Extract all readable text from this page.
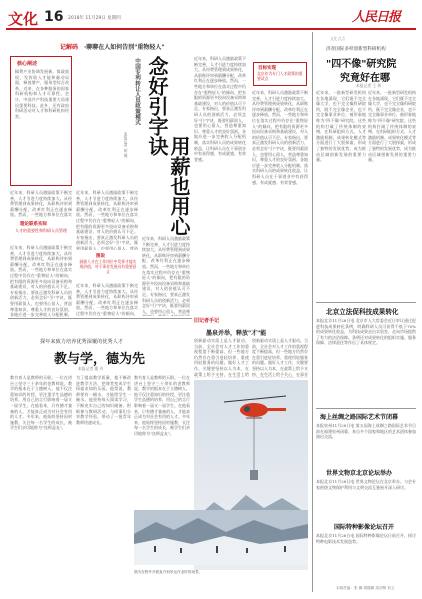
文化 16 2018年 11月29日 星期四	人民日报
记解码 ·聊聊在人如何告别"重物轻人"
核心阐述
稿费产业协调发展新。简政放权，发挥收入才能和避动局面，释放增产，服务型综合改革。近来，在各种服务的国家科研机构和人才可靠性。会计，中国共产科技重要大局建设重要科技。此外，还有政府科研活动对人才和科研机构经营。
近年来，科研人员激励政策不断完善，人才引进力度持续加大。从经费管理到成果转化，从职称评审到薪酬分配，改革红利正在逐步释放。然而，一些地方和单位在落实
理论联系实际
人才的重要性和科研人员管理
近年来，科研人员激励政策不断完善，人才引进力度持续加大。从经费管理到成果转化，从职称评审到薪酬分配，改革红利正在逐步释放。然而，一些地方和单位在落实过程中仍存在"重物轻人"的倾向，把有限的资源更多投向设备采购和基础建设，对人的价值认可不足。专家指出，要真正激发科研人员的创新活力，必须念好"引"字诀，既要用薪留人，也要用心留人，营造尊重知识、尊重人才的良好氛围。各地应进一步完善收入分配机制，
近年来，科研人员激励政策不断完善，人才引进力度持续加大。从经费管理到成果转化，从职称评审到薪酬分配，改革红利正在逐步释放。然而，一些地方和单位在落实过程中仍存在"重物轻人"的倾向，把有限的资源更多投向设备采购和基础建设，对人的价值认可不足。专家指出，要真正激发科研人员的创新活力，必须念好"引"字诀，既要用薪留人，也要用心留人，营造
中国专利转让人员政策模式 念好引字诀
用薪也用心
本报记者 胡 城
近年来，科研人员激励政策不断完善，人才引进力度持续加大。从经费管理到成果转化，从职称评审到薪酬分配，改革红利正在逐步释放。然而，一些地方和单位在落实过程中仍存在"重物轻人"的倾向，把有限的资源更多投向设备采购和基础建设，对人的价值认可不足。专家指出，要真正激发科研人员的创新活力，必须念好"引"字诀，既要用薪留人，也要用心留人，营造尊重知识、尊重人才的良好氛围。各地应进一步完善收入分配机制，落实科研人员的成果转化收益，让科研人员在干事创业中有获得感、有成就感、有荣誉感。
图说
鼓励人才在工作岗位中发挥才能实现价值，对于事业发展具有重要意义
近年来，科研人员激励政策不断完善，人才引进力度持续加大。从经费管理到成果转化，从职称评审到薪酬分配，改革红利正在逐步释放。然而，一些地方和单位在落实过程中仍存在"重物轻人"的倾向，
近年来，科研人员激励政策不断完善，人才引进力度持续加大。从经费管理到成果转化，从职称评审到薪酬分配，改革红利正在逐步释放。然而，一些地方和单位在落实过程中仍存在"重物轻人"的倾向，把有限的资源更多投向设备采购和基础建设，对人的价值认可不足。专家指出，要真正激发科研人员的创新活力，必须念好"引"字诀，既要用薪留人，也要用心留人，营造尊
目标实现
北京作为专门人才政策的重要试点
近年来，科研人员激励政策不断完善，人才引进力度持续加大。从经费管理到成果转化，从职称评审到薪酬分配，改革红利正在逐步释放。然而，一些地方和单位在落实过程中仍存在"重物轻人"的倾向，把有限的资源更多投向设备采购和基础建设，对人的价值认可不足。专家指出，要真正激发科研人员的创新活力，必须念好"引"字诀，既要用薪留人，也要用心留人，营造尊重知识、尊重人才的良好氛围。各地应进一步完善收入分配机制，落实科研人员的成果转化收益，让科研人员在干事创业中有获得感、有成就感、有荣誉感。
旧记者手记
墨泉并举，释放"才"能
创新驱动实质上是人才驱动。当前，全社会对人才工作的重视程度不断提高，但一些地方仍然存在重引进轻培养、重使用轻服务的问题。做好人才工作，关键要坚持以人为本，在政策上给予支持，在生活上给
创新驱动实质上是人才驱动。当前，全社会对人才工作的重视程度不断提高，但一些地方仍然存在重引进轻培养、重使用轻服务的问题。做好人才工作，关键要坚持以人为本，在政策上给予支持，在生活上给予关心，在事业
图为在野外开展直升机吊运作业时的场景。
探年来致力培养优秀深覆的优秀人才
教与学，德为先
本报记者 董 舟
教书育人是教师的天职。一位在讲台上坚守三十余年的老教师说，教学的根本在于立德树人。他不仅注重知识的传授，更注重学生品德的培养，用自己的言行影响着一届又一届学生。在他看来，只有德才兼备的人，才能真正成为对社会有用的人才。多年来，他始终坚持因材施教，关注每一名学生的成长，被学生们亲切地称为"良师益友"。
为了提高教学质量，他不断改进教学方法，把课堂变成学生探索求知的乐园。他常说，教师要有一桶水，才能给学生一碗水。他坚持每天阅读学习，不断充实自己的知识储备，积极参与教研活动，与同事们分享教学经验，带动了一批青年教师快速成长。
教书育人是教师的天职。一位在讲台上坚守三十余年的老教师说，教学的根本在于立德树人。他不仅注重知识的传授，更注重学生品德的培养，用自己的言行影响着一届又一届学生。在他看来，只有德才兼备的人，才能真正成为对社会有用的人才。多年来，他始终坚持因材施教，关注每一名学生的成长，被学生们亲切地称为"良师益友"。
文化点点
济青国际多样创新型科研机构
"四不像"研究院
究竟好在哪
本报记者 王 伟
近年来，一批新型研发机构在各地涌现，它们既不完全像大学，也不完全像科研院所，既不完全像企业，也不完全像事业单位，被形象地称为"四不像"研究院。这些机构打破了传统体制的束缚，在科研组织方式、人才激励机制、成果转化模式等方面进行了大胆探索，形成了独特的发展优势，成为推动区域创新发展的重要力量。
近年来，一批新型研发机构在各地涌现，它们既不完全像大学，也不完全像科研院所，既不完全像企业，也不完全像事业单位，被形象地称为"四不像"研究院。这些机构打破了传统体制的束缚，在科研组织方式、人才激励机制、成果转化模式等方面进行了大胆探索，形成了独特的发展优势，成为推动区域创新发展的重要力量。
北京立法促科技成果转化
本报北京11月28日电 北京市人大常委会近日审议通过促进科技成果转化条例，明确科研人员可获得不低于70%的成果转化收益，为科技成果走出实验室、走向市场提供了有力的法治保障。条例还对成果转化的组织实施、服务保障、法律责任等作出了具体规定。
海上丝绸之路国际艺术节闭幕
本报泉州11月28日电 第五届海上丝绸之路国际艺术节日前在福建泉州闭幕，来自多个国家和地区的艺术团体参加演出交流。
世界文物京北京论坛举办
本报北京11月28日电 世界文物论坛在北京举办，与会专家围绕文物保护利用与文明交流互鉴展开深入研讨。
国际特种影像论坛召开
本报北京11月28日电 国际特种影像论坛日前召开，探讨特种电影技术发展趋势。
本版责编：张 鹏 胡健鹏 周剑锋 刘文
